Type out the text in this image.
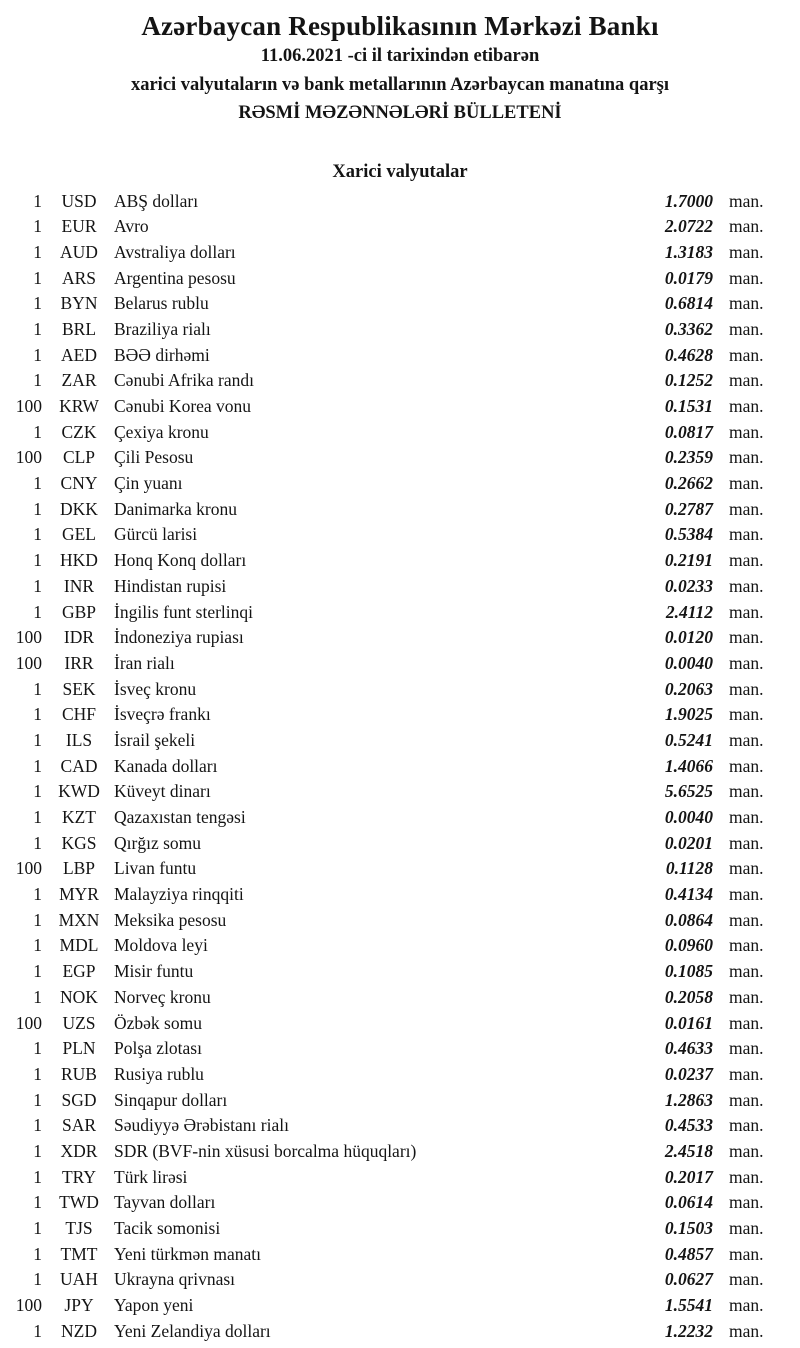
Azərbaycan Respublikasının Mərkəzi Bankı
11.06.2021 -ci il tarixindən etibarən
xarici valyutaların və bank metallarının Azərbaycan manatına qarşı
RƏSMİ MƏZƏNNƏLƏRİ BÜLLETENİ
Xarici valyutalar
1	USD	ABŞ dolları	1.7000 man.
1	EUR	Avro	2.0722 man.
1	AUD Avstraliya dolları	1.3183 man.
1	ARS	Argentina pesosu	0.0179 man.
1	BYN Belarus rublu	0.6814 man.
1	BRL	Braziliya rialı	0.3362 man.
1	AED BƏƏ dirhəmi	0.4628 man.
1	ZAR	Cənubi Afrika randı	0.1252 man.
100 KRW Cənubi Korea vonu	0.1531 man.
1	CZK	Çexiya kronu	0.0817 man.
100	CLP	Çili Pesosu	0.2359 man.
1	CNY Çin yuanı	0.2662 man.
1	DKK Danimarka kronu	0.2787 man.
1	GEL	Gürcü larisi	0.5384 man.
1	HKD Honq Konq dolları	0.2191 man.
1	INR	Hindistan rupisi	0.0233 man.
1	GBP	İngilis funt sterlinqi	2.4112 man.
100	IDR	İndoneziya rupiası	0.0120 man.
100	IRR	İran rialı	0.0040 man.
1	SEK	İsveç kronu	0.2063 man.
1	CHF	İsveçrə frankı	1.9025 man.
1	ILS	İsrail şekeli	0.5241 man.
1	CAD Kanada dolları	1.4066 man.
1 KWD Küveyt dinarı	5.6525 man.
1	KZT	Qazaxıstan tengəsi	0.0040 man.
1	KGS	Qırğız somu	0.0201 man.
100	LBP	Livan funtu	0.1128 man.
1 MYR Malayziya rinqqiti	0.4134 man.
1 MXN Meksika pesosu	0.0864 man.
1	MDL Moldova leyi	0.0960 man.
1	EGP	Misir funtu	0.1085 man.
1	NOK Norveç kronu	0.2058 man.
100	UZS	Özbək somu	0.0161 man.
1	PLN	Polşa zlotası	0.4633 man.
1	RUB Rusiya rublu	0.0237 man.
1	SGD	Sinqapur dolları	1.2863 man.
1	SAR	Səudiyyə Ərəbistanı rialı	0.4533 man.
1	XDR SDR (BVF-nin xüsusi borcalma hüquqları)	2.4518 man.
1	TRY	Türk lirəsi	0.2017 man.
1 TWD Tayvan dolları	0.0614 man.
1	TJS	Tacik somonisi	0.1503 man.
1	TMT Yeni türkmən manatı	0.4857 man.
1	UAH Ukrayna qrivnası	0.0627 man.
100	JPY	Yapon yeni	1.5541 man.
1	NZD Yeni Zelandiya dolları	1.2232 man.
